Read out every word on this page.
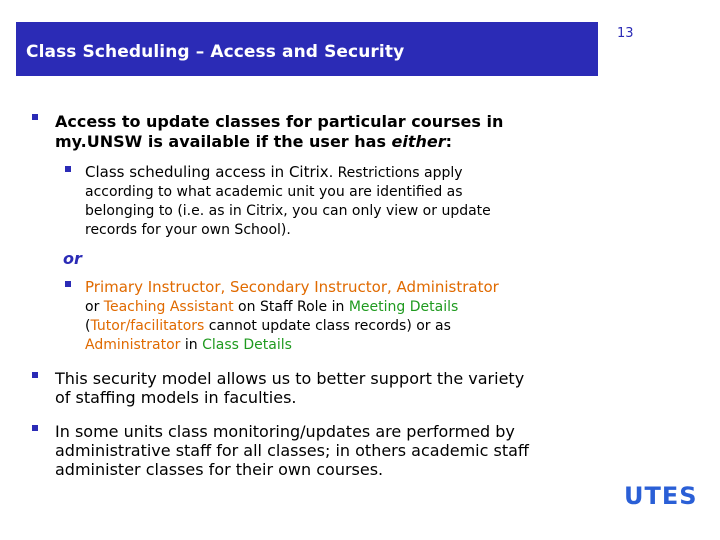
Class Scheduling – Access and Security
13
Access to update classes for particular courses in
my.UNSW is available if the user has either:
Class scheduling access in Citrix. Restrictions apply
according to what academic unit you are identified as
belonging to (i.e. as in Citrix, you can only view or update
records for your own School).
or
Primary Instructor, Secondary Instructor, Administrator
or Teaching Assistant on Staff Role in Meeting Details
(Tutor/facilitators cannot update class records) or as
Administrator in Class Details
This security model allows us to better support the variety
of staffing models in faculties.
In some units class monitoring/updates are performed by
administrative staff for all classes; in others academic staff
administer classes for their own courses.
UTES
